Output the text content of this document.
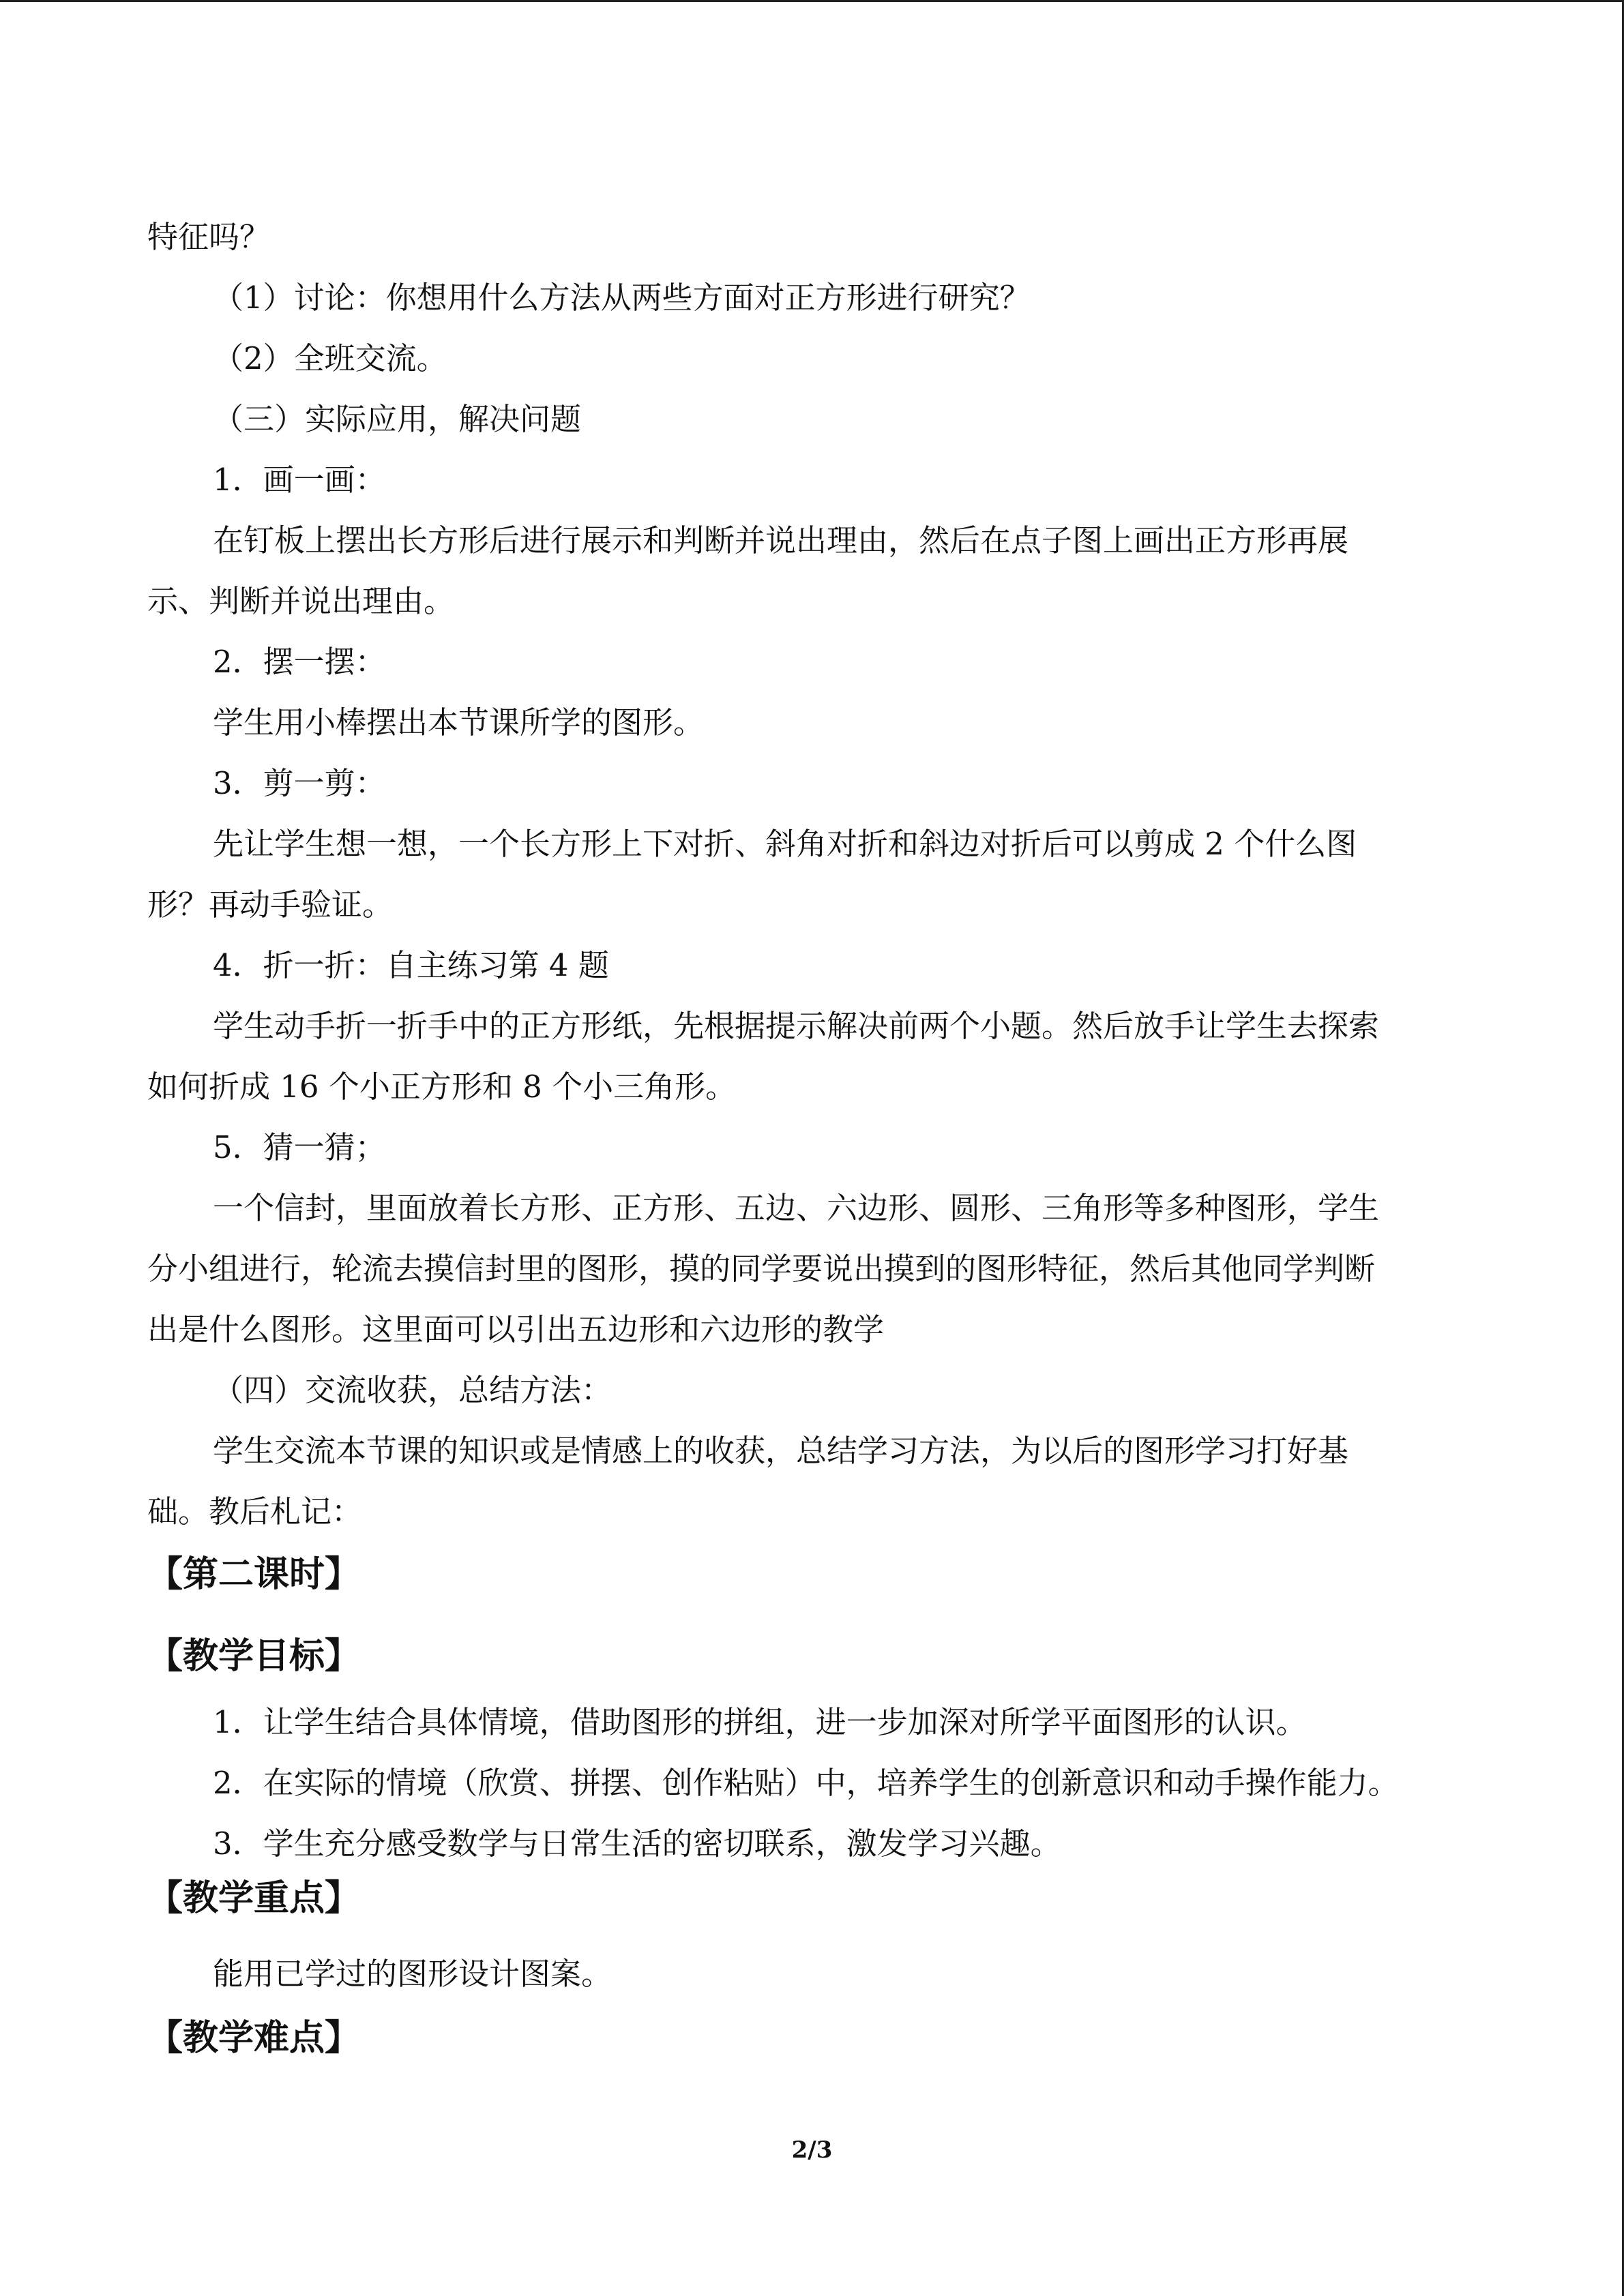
特征吗？

（1）讨论：你想用什么方法从两些方面对正方形进行研究？

（2）全班交流。

（三）实际应用，解决问题

1．画一画：

在钉板上摆出长方形后进行展示和判断并说出理由，然后在点子图上画出正方形再展

示、判断并说出理由。

2．摆一摆：

学生用小棒摆出本节课所学的图形。

3．剪一剪：

先让学生想一想，一个长方形上下对折、斜角对折和斜边对折后可以剪成 2 个什么图

形？再动手验证。

4．折一折：自主练习第 4 题

学生动手折一折手中的正方形纸，先根据提示解决前两个小题。然后放手让学生去探索

如何折成 16 个小正方形和 8 个小三角形。

5．猜一猜；

一个信封，里面放着长方形、正方形、五边、六边形、圆形、三角形等多种图形，学生

分小组进行，轮流去摸信封里的图形，摸的同学要说出摸到的图形特征，然后其他同学判断

出是什么图形。这里面可以引出五边形和六边形的教学

（四）交流收获，总结方法：

学生交流本节课的知识或是情感上的收获，总结学习方法，为以后的图形学习打好基

础。教后札记：

【第二课时】

【教学目标】

1．让学生结合具体情境，借助图形的拼组，进一步加深对所学平面图形的认识。

2．在实际的情境（欣赏、拼摆、创作粘贴）中，培养学生的创新意识和动手操作能力。

3．学生充分感受数学与日常生活的密切联系，激发学习兴趣。

【教学重点】

能用已学过的图形设计图案。

【教学难点】

2/3
